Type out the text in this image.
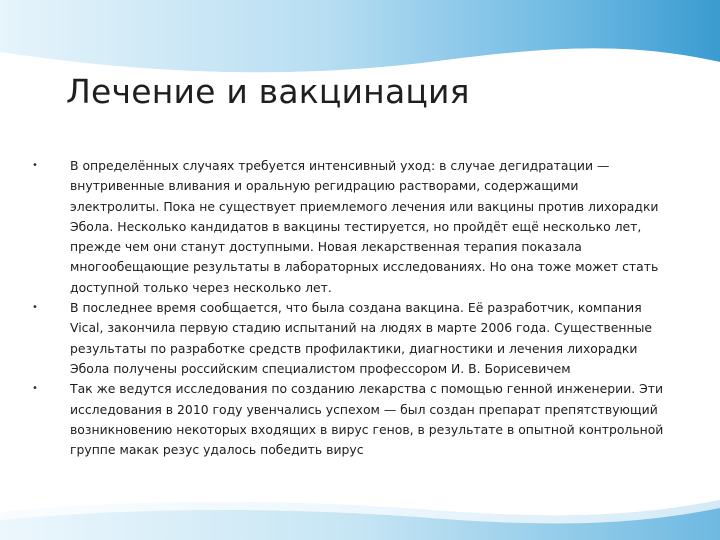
Лечение и вакцинация
•	В определённых случаях требуется интенсивный уход: в случае дегидратации — внутривенные вливания и оральную регидрацию растворами, содержащими электролиты. Пока не существует приемлемого лечения или вакцины против лихорадки Эбола. Несколько кандидатов в вакцины тестируется, но пройдёт ещё несколько лет, прежде чем они станут доступными. Новая лекарственная терапия показала многообещающие результаты в лабораторных исследованиях. Но она тоже может стать доступной только через несколько лет.
•	В последнее время сообщается, что была создана вакцина. Её разработчик, компания Vical, закончила первую стадию испытаний на людях в марте 2006 года. Существенные результаты по разработке средств профилактики, диагностики и лечения лихорадки Эбола получены российским специалистом профессором И. В. Борисевичем
•	Так же ведутся исследования по созданию лекарства с помощью генной инженерии. Эти исследования в 2010 году увенчались успехом — был создан препарат препятствующий возникновению некоторых входящих в вирус генов, в результате в опытной контрольной группе макак резус удалось победить вирус
